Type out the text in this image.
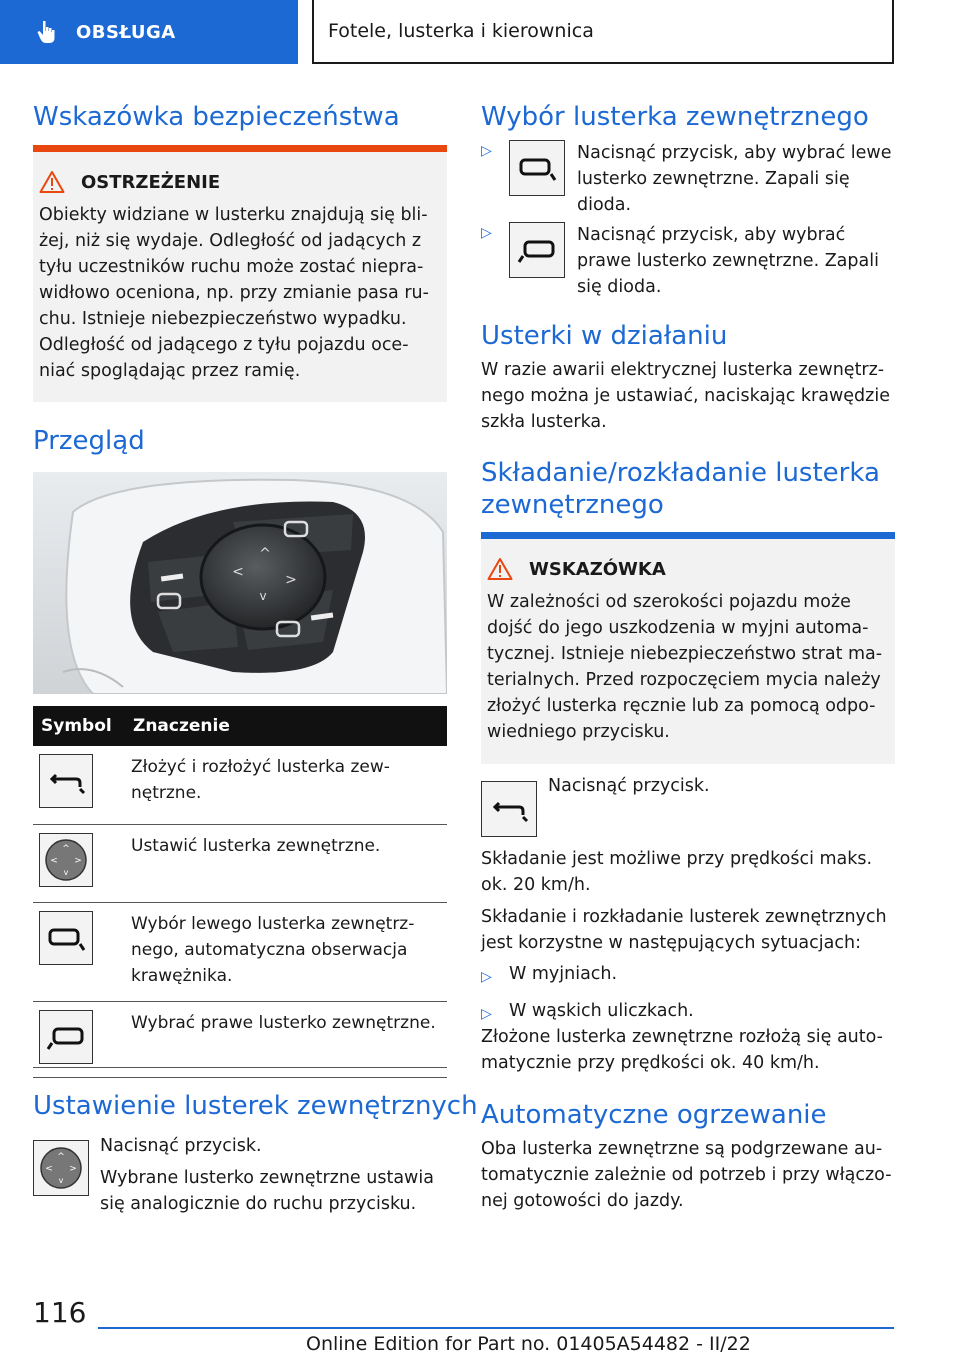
OBSŁUGA	Fotele, lusterka i kierownica
Wskazówka bezpieczeństwa
OSTRZEŻENIE
Obiekty widziane w lusterku znajdują się bli-
żej, niż się wydaje. Odległość od jadących z
tyłu uczestników ruchu może zostać niepra-
widłowo oceniona, np. przy zmianie pasa ru-
chu. Istnieje niebezpieczeństwo wypadku.
Odległość od jadącego z tyłu pojazdu oce-
niać spoglądając przez ramię.
Przegląd
^
<	>
v
Symbol	Znaczenie

Złożyć i rozłożyć lusterka zew-
nętrzne.

^
< >
v	Ustawić lusterka zewnętrzne.

Wybór lewego lusterka zewnętrz-
nego, automatyczna obserwacja
krawężnika.

Wybrać prawe lusterko zewnętrzne.
Ustawienie lusterek zewnętrznych
^
< >
v
Nacisnąć przycisk.
Wybrane lusterko zewnętrzne ustawia
się analogicznie do ruchu przycisku.
Wybór lusterka zewnętrznego
▷	Nacisnąć przycisk, aby wybrać lewe
lusterko zewnętrzne. Zapali się
dioda.
▷	Nacisnąć przycisk, aby wybrać
prawe lusterko zewnętrzne. Zapali
się dioda.
Usterki w działaniu
W razie awarii elektrycznej lusterka zewnętrz-
nego można je ustawiać, naciskając krawędzie
szkła lusterka.
Składanie/rozkładanie lusterka
zewnętrznego
WSKAZÓWKA
W zależności od szerokości pojazdu może
dojść do jego uszkodzenia w myjni automa-
tycznej. Istnieje niebezpieczeństwo strat ma-
terialnych. Przed rozpoczęciem mycia należy
złożyć lusterka ręcznie lub za pomocą odpo-
wiedniego przycisku.
Nacisnąć przycisk.
Składanie jest możliwe przy prędkości maks.
ok. 20 km/h.
Składanie i rozkładanie lusterek zewnętrznych
jest korzystne w następujących sytuacjach:
▷ W myjniach.
▷ W wąskich uliczkach.
Złożone lusterka zewnętrzne rozłożą się auto-
matycznie przy prędkości ok. 40 km/h.
Automatyczne ogrzewanie
Oba lusterka zewnętrzne są podgrzewane au-
tomatycznie zależnie od potrzeb i przy włączo-
nej gotowości do jazdy.
116
Online Edition for Part no. 01405A54482 - II/22
